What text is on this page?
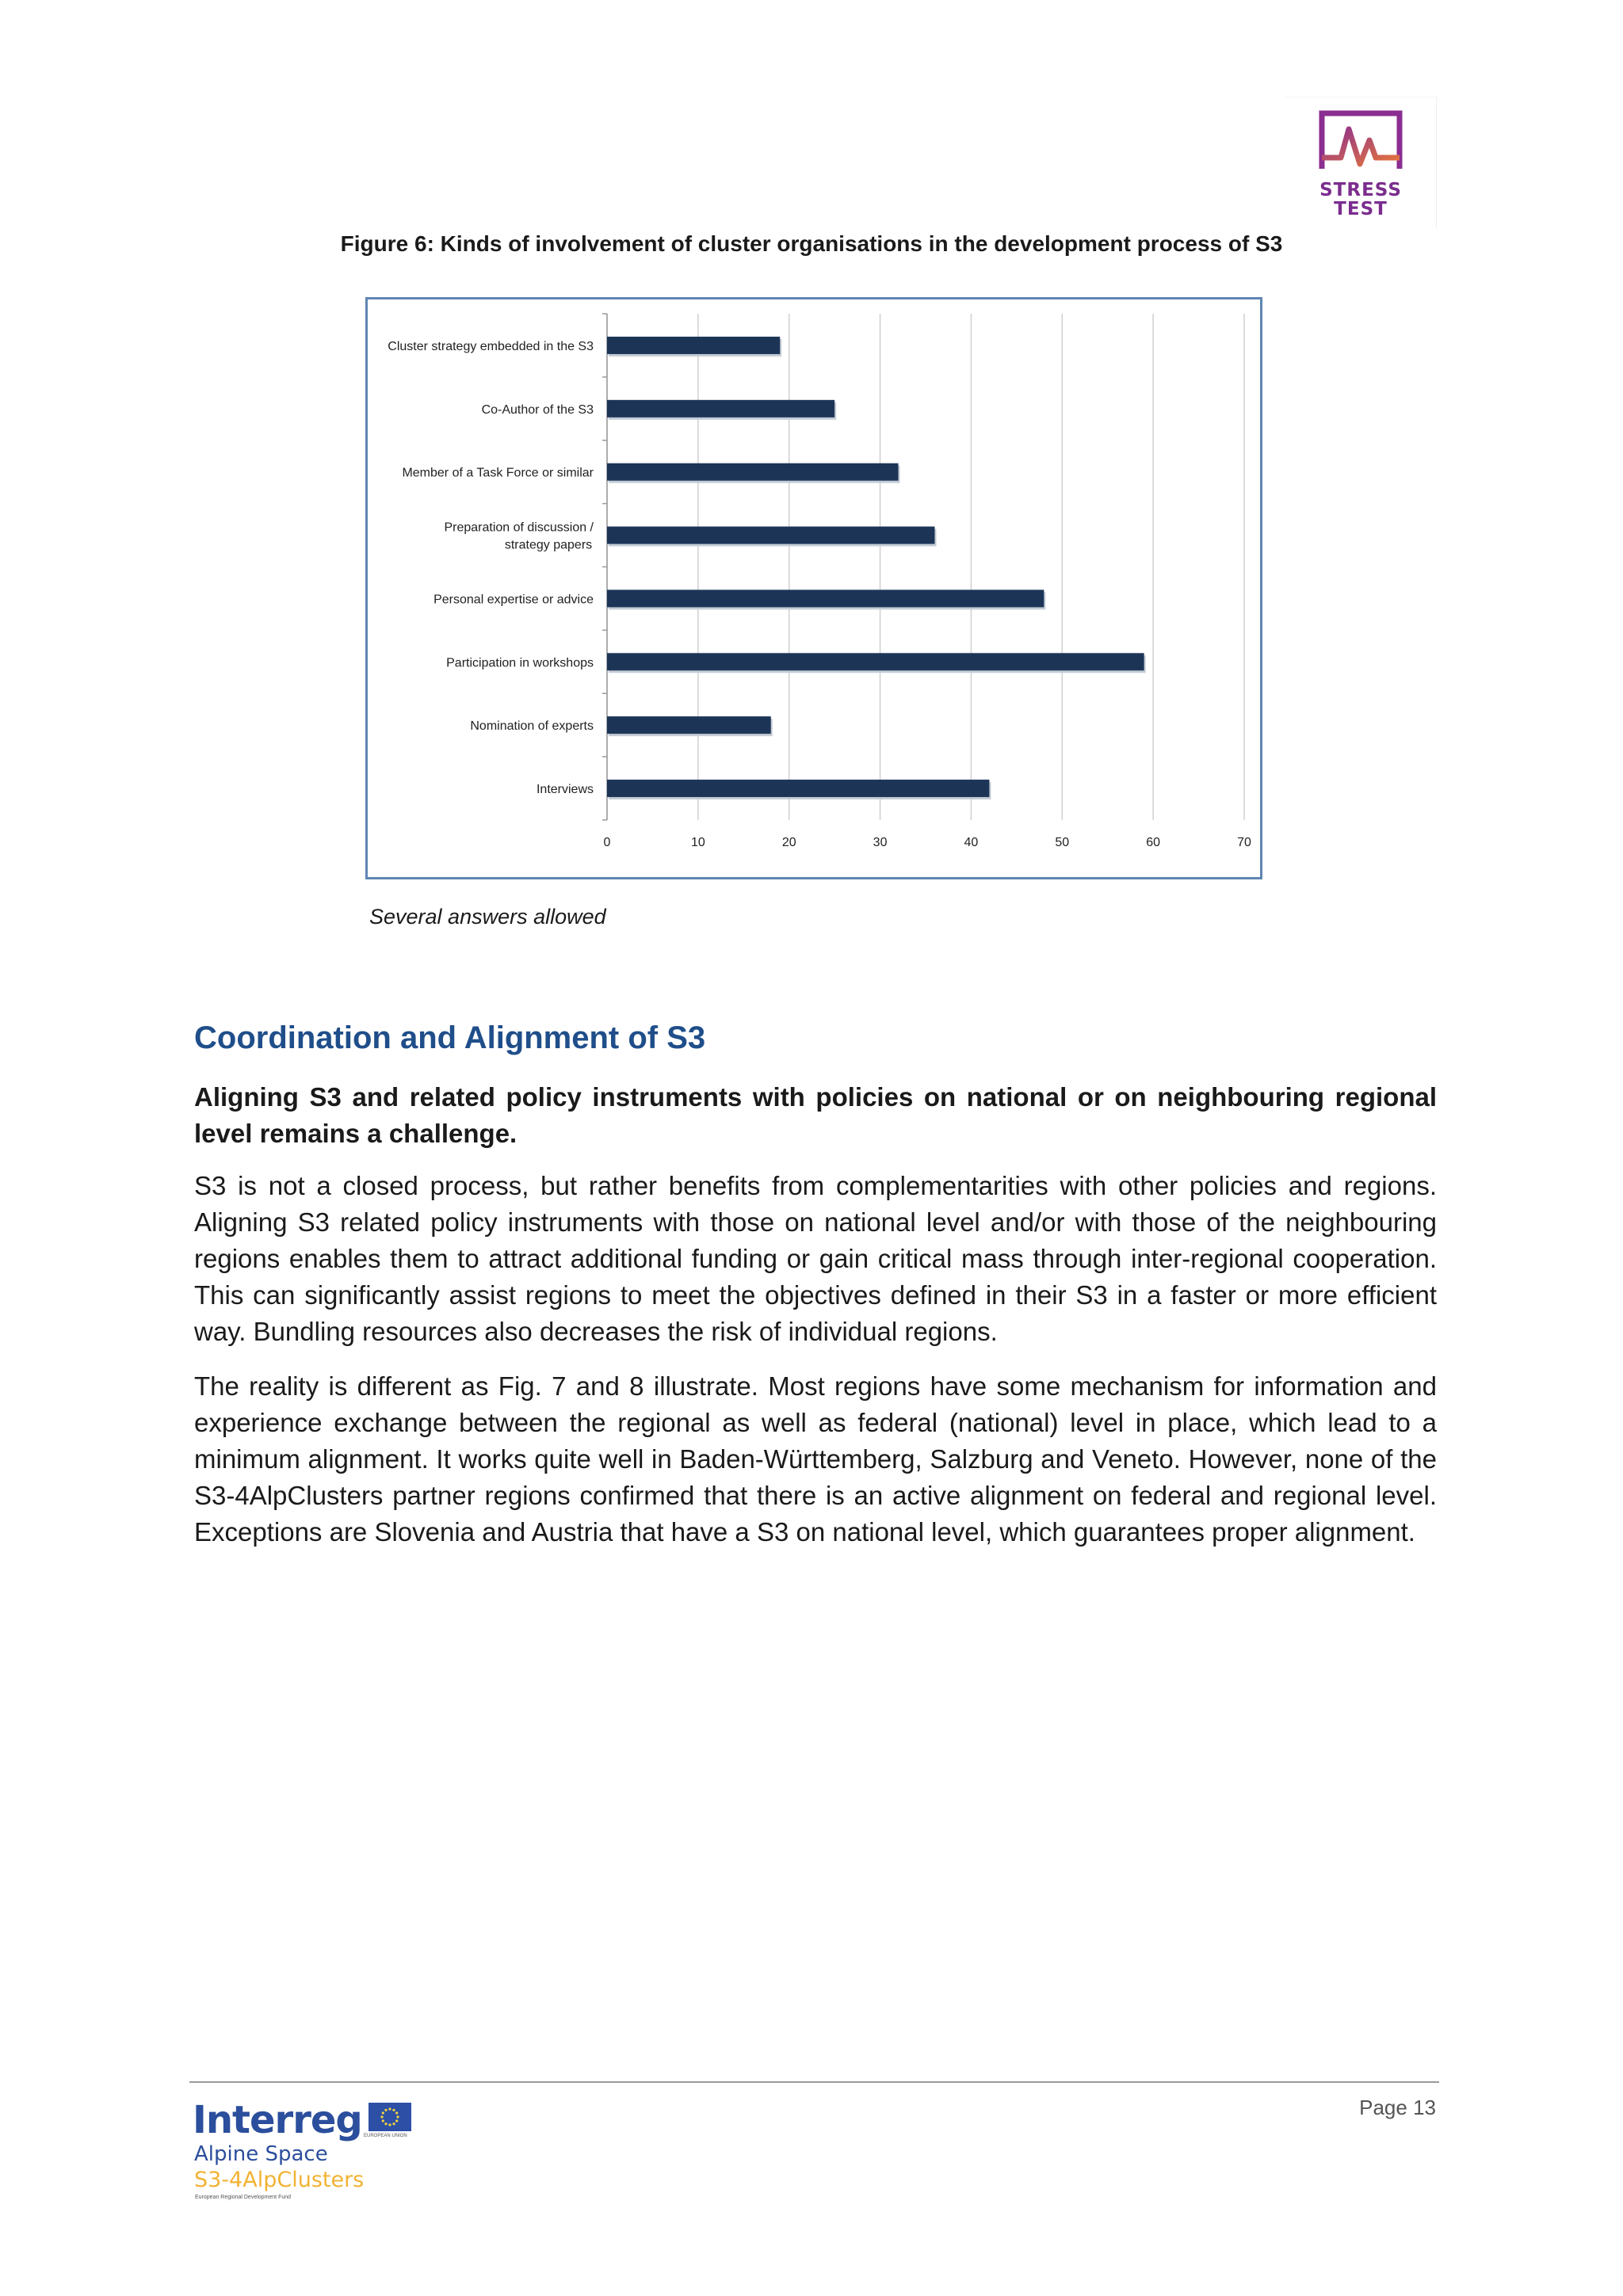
STRESS
TEST
Figure 6: Kinds of involvement of cluster organisations in the development process of S3
Cluster strategy embedded in the S3
Co-Author of the S3
Member of a Task Force or similar
Preparation of discussion / strategy papers
Personal expertise or advice
Participation in workshops
Nomination of experts
Interviews
0	10	20	30	40	50	60	70
Several answers allowed
Coordination and Alignment of S3
Aligning S3 and related policy instruments with policies on national or on neighbouring regional level remains a challenge.
S3 is not a closed process, but rather benefits from complementarities with other policies and regions. Aligning S3 related policy instruments with those on national level and/or with those of the neighbouring regions enables them to attract additional funding or gain critical mass through inter-regional cooperation. This can significantly assist regions to meet the objectives defined in their S3 in a faster or more efficient way. Bundling resources also decreases the risk of individual regions.
The reality is different as Fig. 7 and 8 illustrate. Most regions have some mechanism for information and experience exchange between the regional as well as federal (national) level in place, which lead to a minimum alignment. It works quite well in Baden-Württemberg, Salzburg and Veneto. However, none of the S3-4AlpClusters partner regions confirmed that there is an active alignment on federal and regional level. Exceptions are Slovenia and Austria that have a S3 on national level, which guarantees proper alignment.
Page 13
Interreg EUROPEAN UNION
Alpine Space
S3-4AlpClusters
European Regional Development Fund
